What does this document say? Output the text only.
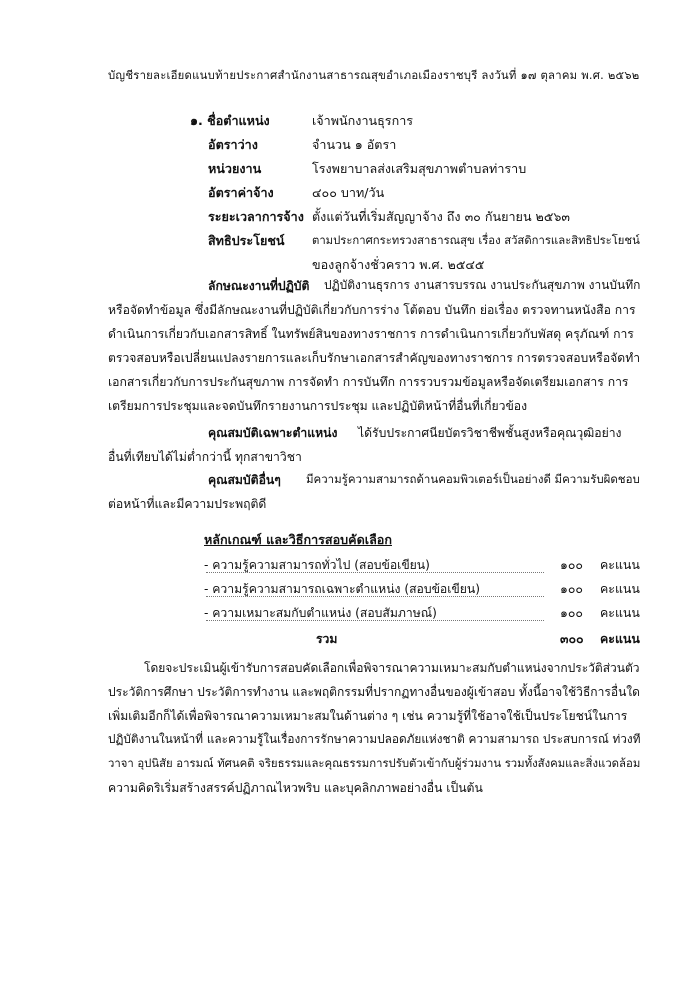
บัญชีรายละเอียดแนบท้ายประกาศสำนักงานสาธารณสุขอำเภอเมืองราชบุรี ลงวันที่ ๑๗ ตุลาคม พ.ศ. ๒๕๖๒
๑. ชื่อตำแหน่ง	เจ้าพนักงานธุรการ
อัตราว่าง	จำนวน ๑ อัตรา
หน่วยงาน	โรงพยาบาลส่งเสริมสุขภาพตำบลท่าราบ
อัตราค่าจ้าง	๔๐๐ บาท/วัน
ระยะเวลาการจ้าง ตั้งแต่วันที่เริ่มสัญญาจ้าง ถึง ๓๐ กันยายน ๒๕๖๓
สิทธิประโยชน์ ตามประกาศกระทรวงสาธารณสุข เรื่อง สวัสดิการและสิทธิประโยชน์
ของลูกจ้างชั่วคราว พ.ศ. ๒๕๔๕
ลักษณะงานที่ปฏิบัติ ปฏิบัติงานธุรการ งานสารบรรณ งานประกันสุขภาพ งานบันทึก
หรือจัดทำข้อมูล ซึ่งมีลักษณะงานที่ปฏิบัติเกี่ยวกับการร่าง โต้ตอบ บันทึก ย่อเรื่อง ตรวจทานหนังสือ การ
ดำเนินการเกี่ยวกับเอกสารสิทธิ์ ในทรัพย์สินของทางราชการ การดำเนินการเกี่ยวกับพัสดุ ครุภัณฑ์ การ
ตรวจสอบหรือเปลี่ยนแปลงรายการและเก็บรักษาเอกสารสำคัญของทางราชการ การตรวจสอบหรือจัดทำ
เอกสารเกี่ยวกับการประกันสุขภาพ การจัดทำ การบันทึก การรวบรวมข้อมูลหรือจัดเตรียมเอกสาร การ
เตรียมการประชุมและจดบันทึกรายงานการประชุม และปฏิบัติหน้าที่อื่นที่เกี่ยวข้อง
คุณสมบัติเฉพาะตำแหน่ง ได้รับประกาศนียบัตรวิชาชีพชั้นสูงหรือคุณวุฒิอย่าง
อื่นที่เทียบได้ไม่ต่ำกว่านี้ ทุกสาขาวิชา
คุณสมบัติอื่นๆ มีความรู้ความสามารถด้านคอมพิวเตอร์เป็นอย่างดี มีความรับผิดชอบ
ต่อหน้าที่และมีความประพฤติดี
หลักเกณฑ์ และวิธีการสอบคัดเลือก
- ความรู้ความสามารถทั่วไป (สอบข้อเขียน)	๑๐๐ คะแนน
- ความรู้ความสามารถเฉพาะตำแหน่ง (สอบข้อเขียน)	๑๐๐ คะแนน
- ความเหมาะสมกับตำแหน่ง (สอบสัมภาษณ์)	๑๐๐ คะแนน
รวม	๓๐๐ คะแนน
โดยจะประเมินผู้เข้ารับการสอบคัดเลือกเพื่อพิจารณาความเหมาะสมกับตำแหน่งจากประวัติส่วนตัว
ประวัติการศึกษา ประวัติการทำงาน และพฤติกรรมที่ปรากฏทางอื่นของผู้เข้าสอบ ทั้งนี้อาจใช้วิธีการอื่นใด
เพิ่มเติมอีกก็ได้เพื่อพิจารณาความเหมาะสมในด้านต่าง ๆ เช่น ความรู้ที่ใช้อาจใช้เป็นประโยชน์ในการ
ปฏิบัติงานในหน้าที่ และความรู้ในเรื่องการรักษาความปลอดภัยแห่งชาติ ความสามารถ ประสบการณ์ ท่วงที
วาจา อุปนิสัย อารมณ์ ทัศนคติ จริยธรรมและคุณธรรมการปรับตัวเข้ากับผู้ร่วมงาน รวมทั้งสังคมและสิ่งแวดล้อม
ความคิดริเริ่มสร้างสรรค์ปฏิภาณไหวพริบ และบุคลิกภาพอย่างอื่น เป็นต้น
